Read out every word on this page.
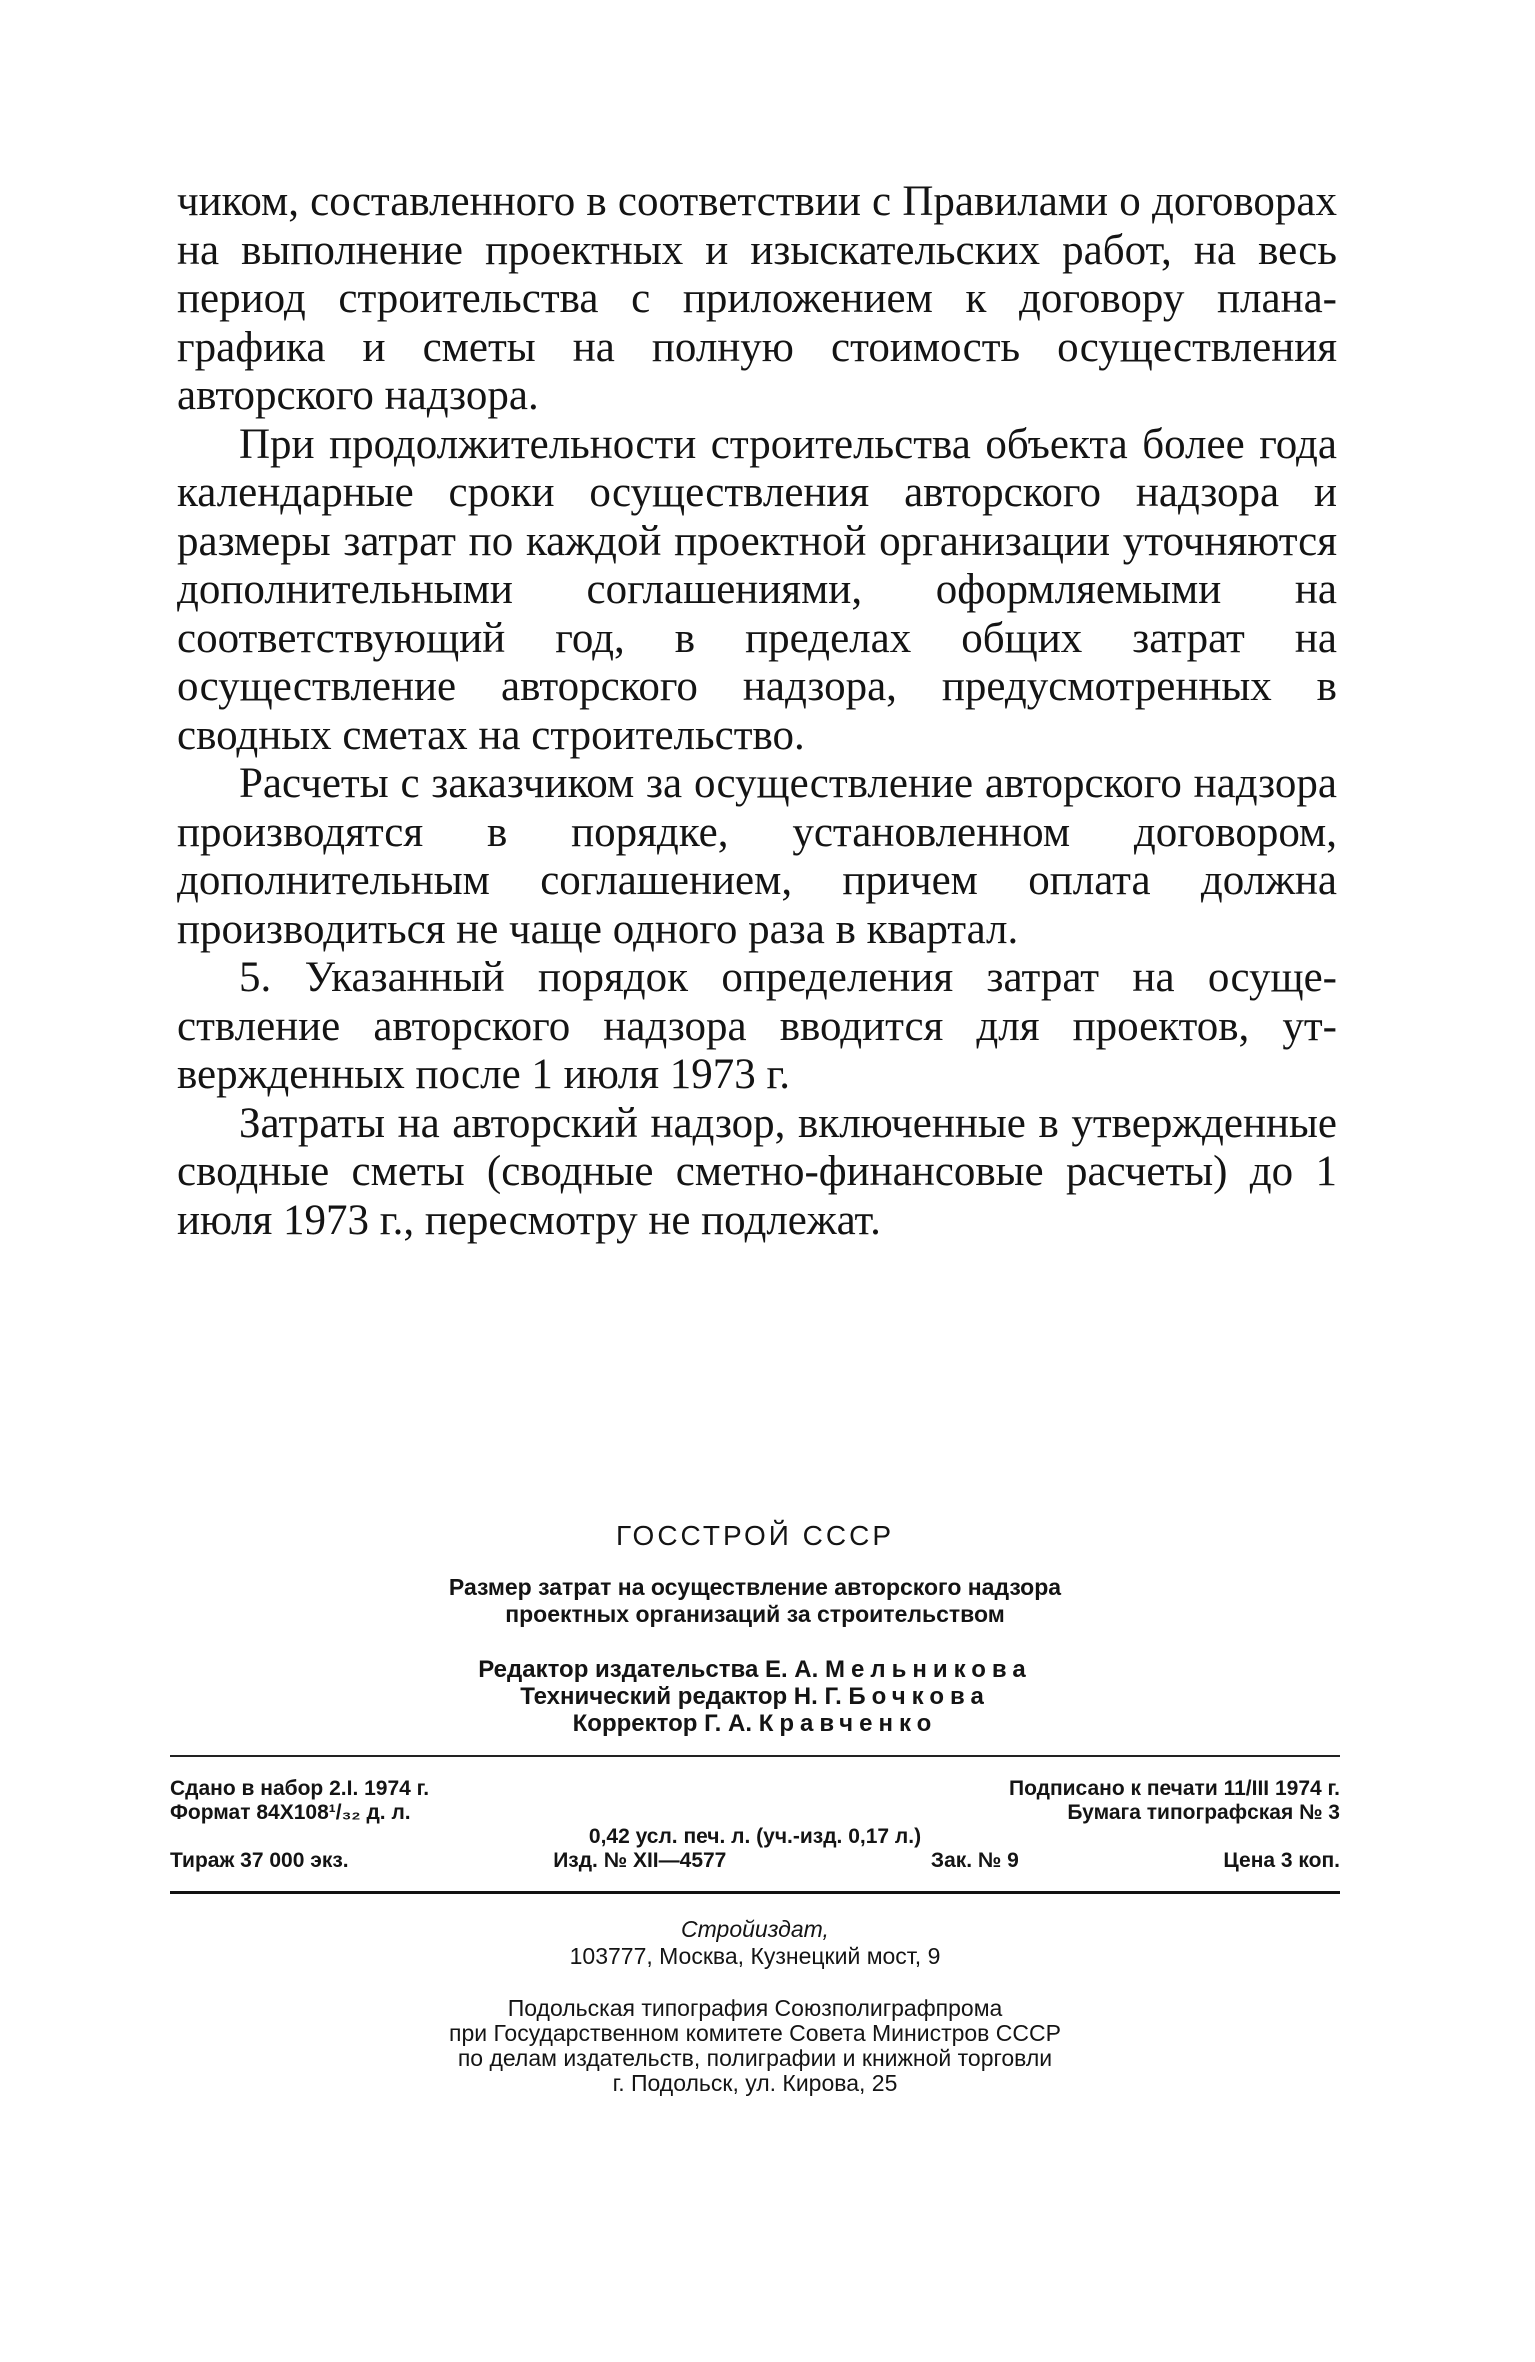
чиком, составленного в соответствии с Правилами о договорах на выполнение проектных и изыскательских работ, на весь период строительства с приложением к договору плана-графика и сметы на полную стоимость осуществления авторского надзора.

При продолжительности строительства объекта более года календарные сроки осуществления авторского надзора и размеры затрат по каждой проектной организации уточняются дополнительными соглашениями, оформляемыми на соответствующий год, в пределах общих затрат на осуществление авторского надзора, предусмотренных в сводных сметах на строительство.

Расчеты с заказчиком за осуществление авторского надзора производятся в порядке, установленном договором, дополнительным соглашением, причем оплата должна производиться не чаще одного раза в квартал.

5. Указанный порядок определения затрат на осуществление авторского надзора вводится для проектов, утвержденных после 1 июля 1973 г.

Затраты на авторский надзор, включенные в утвержденные сводные сметы (сводные сметно-финансовые расчеты) до 1 июля 1973 г., пересмотру не подлежат.

ГОССТРОЙ СССР
Размер затрат на осуществление авторского надзора
проектных организаций за строительством
Редактор издательства Е. А. Мельникова
Технический редактор Н. Г. Бочкова
Корректор Г. А. Кравченко
Сдано в набор 2.I. 1974 г.	Подписано к печати 11/III 1974 г.
Формат 84Х108¹/₃₂ д. л.	Бумага типографская № 3
0,42 усл. печ. л. (уч.-изд. 0,17 л.)
Тираж 37 000 экз.	Изд. № XII—4577	Зак. № 9	Цена 3 коп.
Стройиздат,
103777, Москва, Кузнецкий мост, 9
Подольская типография Союзполиграфпрома
при Государственном комитете Совета Министров СССР
по делам издательств, полиграфии и книжной торговли
г. Подольск, ул. Кирова, 25
